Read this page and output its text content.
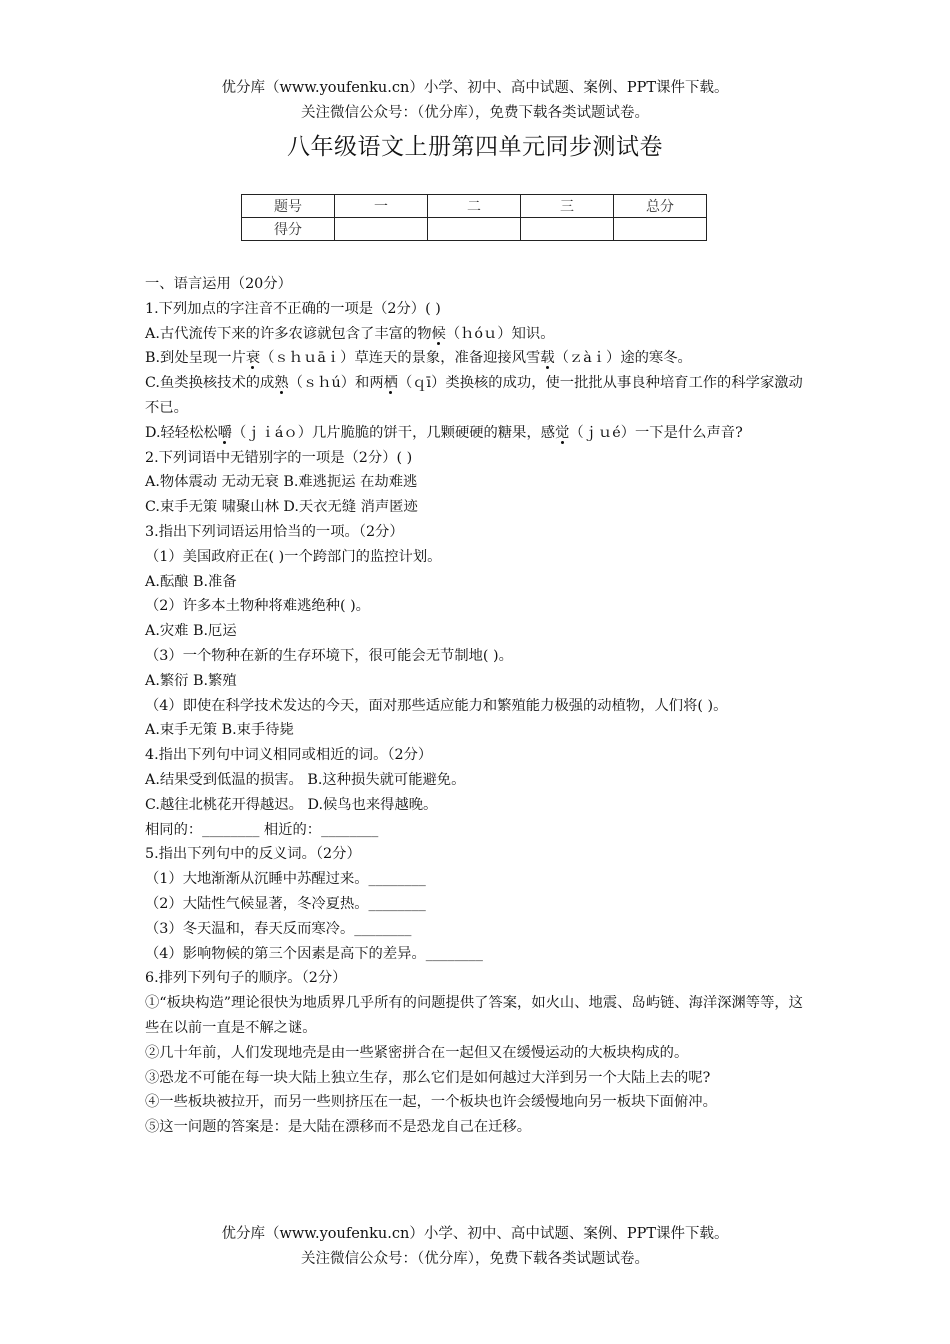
优分库（www.youfenku.cn）小学、初中、高中试题、案例、PPT课件下载。
关注微信公众号：（优分库），免费下载各类试题试卷。
八年级语文上册第四单元同步测试卷
题号	一	二	三	总分
得分				
一、语言运用（20分）
1.下列加点的字注音不正确的一项是（2分）( )
A.古代流传下来的许多农谚就包含了丰富的物候（ｈóｕ）知识。
B.到处呈现一片衰（ｓｈｕāｉ）草连天的景象，准备迎接风雪载（ｚàｉ）途的寒冬。
C.鱼类换核技术的成熟（ｓｈú）和两栖（ｑī）类换核的成功，使一批批从事良种培育工作的科学家激动不已。
D.轻轻松松嚼（ｊｉáｏ）几片脆脆的饼干，几颗硬硬的糖果，感觉（ｊｕé）一下是什么声音?
2.下列词语中无错别字的一项是（2分）( )
A.物体震动 无动无衰 B.难逃扼运 在劫难逃
C.束手无策 啸聚山林 D.天衣无缝 消声匿迹
3.指出下列词语运用恰当的一项。（2分）
（1）美国政府正在( )一个跨部门的监控计划。
A.酝酿 B.准备
（2）许多本土物种将难逃绝种( )。
A.灾难 B.厄运
（3）一个物种在新的生存环境下，很可能会无节制地( )。
A.繁衍 B.繁殖
（4）即使在科学技术发达的今天，面对那些适应能力和繁殖能力极强的动植物，人们将( )。
A.束手无策 B.束手待毙
4.指出下列句中词义相同或相近的词。（2分）
A.结果受到低温的损害。 B.这种损失就可能避免。
C.越往北桃花开得越迟。 D.候鸟也来得越晚。
相同的：________ 相近的：________
5.指出下列句中的反义词。（2分）
（1）大地渐渐从沉睡中苏醒过来。________
（2）大陆性气候显著，冬冷夏热。________
（3）冬天温和，春天反而寒冷。________
（4）影响物候的第三个因素是高下的差异。________
6.排列下列句子的顺序。（2分）
①“板块构造”理论很快为地质界几乎所有的问题提供了答案，如火山、地震、岛屿链、海洋深渊等等，这些在以前一直是不解之谜。
②几十年前，人们发现地壳是由一些紧密拼合在一起但又在缓慢运动的大板块构成的。
③恐龙不可能在每一块大陆上独立生存，那么它们是如何越过大洋到另一个大陆上去的呢?
④一些板块被拉开，而另一些则挤压在一起，一个板块也许会缓慢地向另一板块下面俯冲。
⑤这一问题的答案是：是大陆在漂移而不是恐龙自己在迁移。
优分库（www.youfenku.cn）小学、初中、高中试题、案例、PPT课件下载。
关注微信公众号：（优分库），免费下载各类试题试卷。
